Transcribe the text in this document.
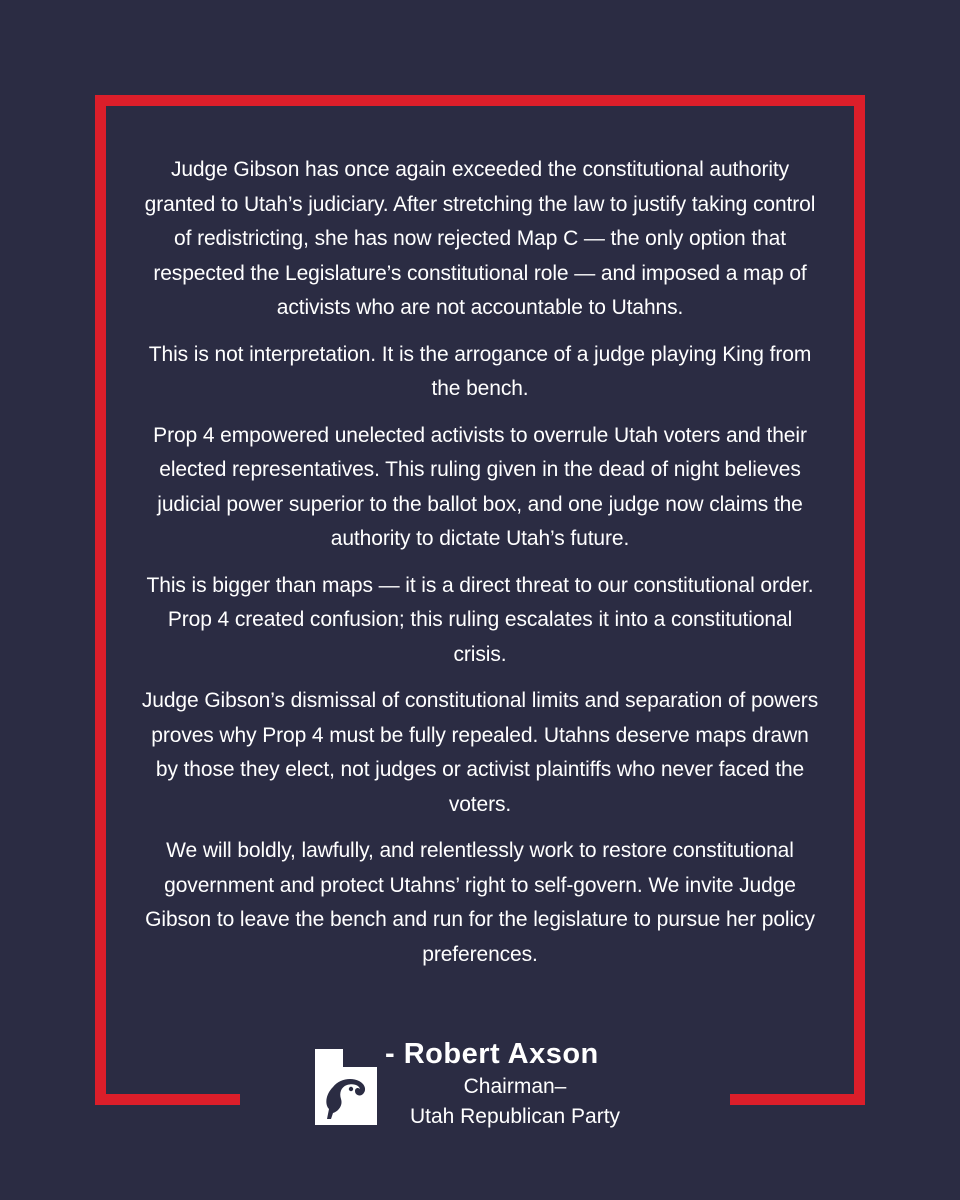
Judge Gibson has once again exceeded the constitutional authority granted to Utah’s judiciary. After stretching the law to justify taking control of redistricting, she has now rejected Map C — the only option that respected the Legislature’s constitutional role — and imposed a map of activists who are not accountable to Utahns.

This is not interpretation. It is the arrogance of a judge playing King from the bench.

Prop 4 empowered unelected activists to overrule Utah voters and their elected representatives. This ruling given in the dead of night believes judicial power superior to the ballot box, and one judge now claims the authority to dictate Utah’s future.

This is bigger than maps — it is a direct threat to our constitutional order. Prop 4 created confusion; this ruling escalates it into a constitutional crisis.

Judge Gibson’s dismissal of constitutional limits and separation of powers proves why Prop 4 must be fully repealed. Utahns deserve maps drawn by those they elect, not judges or activist plaintiffs who never faced the voters.

We will boldly, lawfully, and relentlessly work to restore constitutional government and protect Utahns’ right to self-govern. We invite Judge Gibson to leave the bench and run for the legislature to pursue her policy preferences.

- Robert Axson
Chairman–
Utah Republican Party
